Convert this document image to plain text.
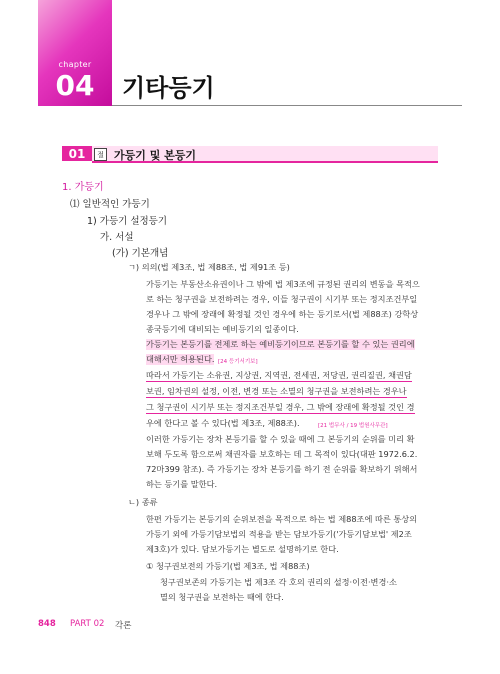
chapter
04	기타등기
01	절 가등기 및 본등기
1. 가등기
⑴ 일반적인 가등기
1) 가등기 설정등기
가. 서설
(가) 기본개념
ㄱ) 의의(법 제3조, 법 제88조, 법 제91조 등)
가등기는 부동산소유권이나 그 밖에 법 제3조에 규정된 권리의 변동을 목적으
로 하는 청구권을 보전하려는 경우, 이들 청구권이 시기부 또는 정지조건부일
경우나 그 밖에 장래에 확정될 것인 경우에 하는 등기로서(법 제88조) 강학상
종국등기에 대비되는 예비등기의 일종이다.
가등기는 본등기를 전제로 하는 예비등기이므로 본등기를 할 수 있는 권리에
대해서만 허용된다. [24 등기서기보]
따라서 가등기는 소유권, 지상권, 지역권, 전세권, 저당권, 권리질권, 채권담
보권, 임차권의 설정, 이전, 변경 또는 소멸의 청구권을 보전하려는 경우나
그 청구권이 시기부 또는 정지조건부일 경우, 그 밖에 장래에 확정될 것인 경
우에 한다고 볼 수 있다(법 제3조, 제88조).	[21 법무사 / 19 법원사무관]
이러한 가등기는 장차 본등기를 할 수 있을 때에 그 본등기의 순위를 미리 확
보해 두도록 함으로써 채권자를 보호하는 데 그 목적이 있다(대판 1972.6.2.
72마399 참조). 즉 가등기는 장차 본등기를 하기 전 순위를 확보하기 위해서
하는 등기를 말한다.
ㄴ) 종류
한편 가등기는 본등기의 순위보전을 목적으로 하는 법 제88조에 따른 통상의
가등기 외에 가등기담보법의 적용을 받는 담보가등기('가등기담보법' 제2조
제3호)가 있다. 담보가등기는 별도로 설명하기로 한다.
① 청구권보전의 가등기(법 제3조, 법 제88조)
청구권보존의 가등기는 법 제3조 각 호의 권리의 설정·이전·변경·소
멸의 청구권을 보전하는 때에 한다.
848 PART 02 각론
